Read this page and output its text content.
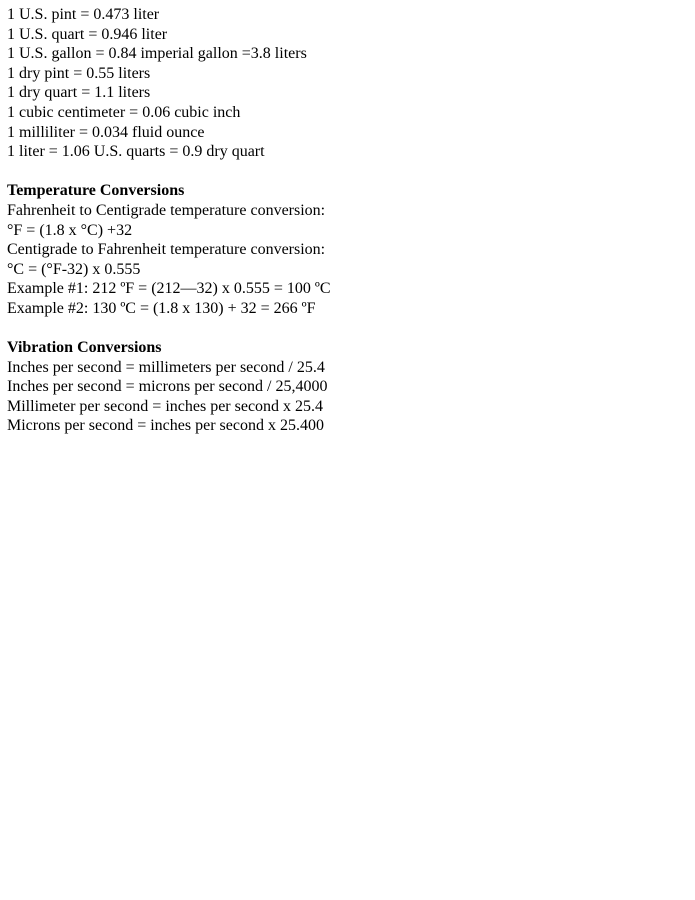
1 U.S. pint = 0.473 liter
1 U.S. quart = 0.946 liter
1 U.S. gallon = 0.84 imperial gallon =3.8 liters
1 dry pint = 0.55 liters
1 dry quart = 1.1 liters
1 cubic centimeter = 0.06 cubic inch
1 milliliter = 0.034 fluid ounce
1 liter = 1.06 U.S. quarts = 0.9 dry quart
Temperature Conversions
Fahrenheit to Centigrade temperature conversion:
°F = (1.8 x °C) +32
Centigrade to Fahrenheit temperature conversion:
°C = (°F-32) x 0.555
Example #1: 212 ºF = (212—32) x 0.555 = 100 ºC
Example #2: 130 ºC = (1.8 x 130) + 32 = 266 ºF
Vibration Conversions
Inches per second = millimeters per second / 25.4
Inches per second = microns per second / 25,4000
Millimeter per second = inches per second x 25.4
Microns per second = inches per second x 25.400
